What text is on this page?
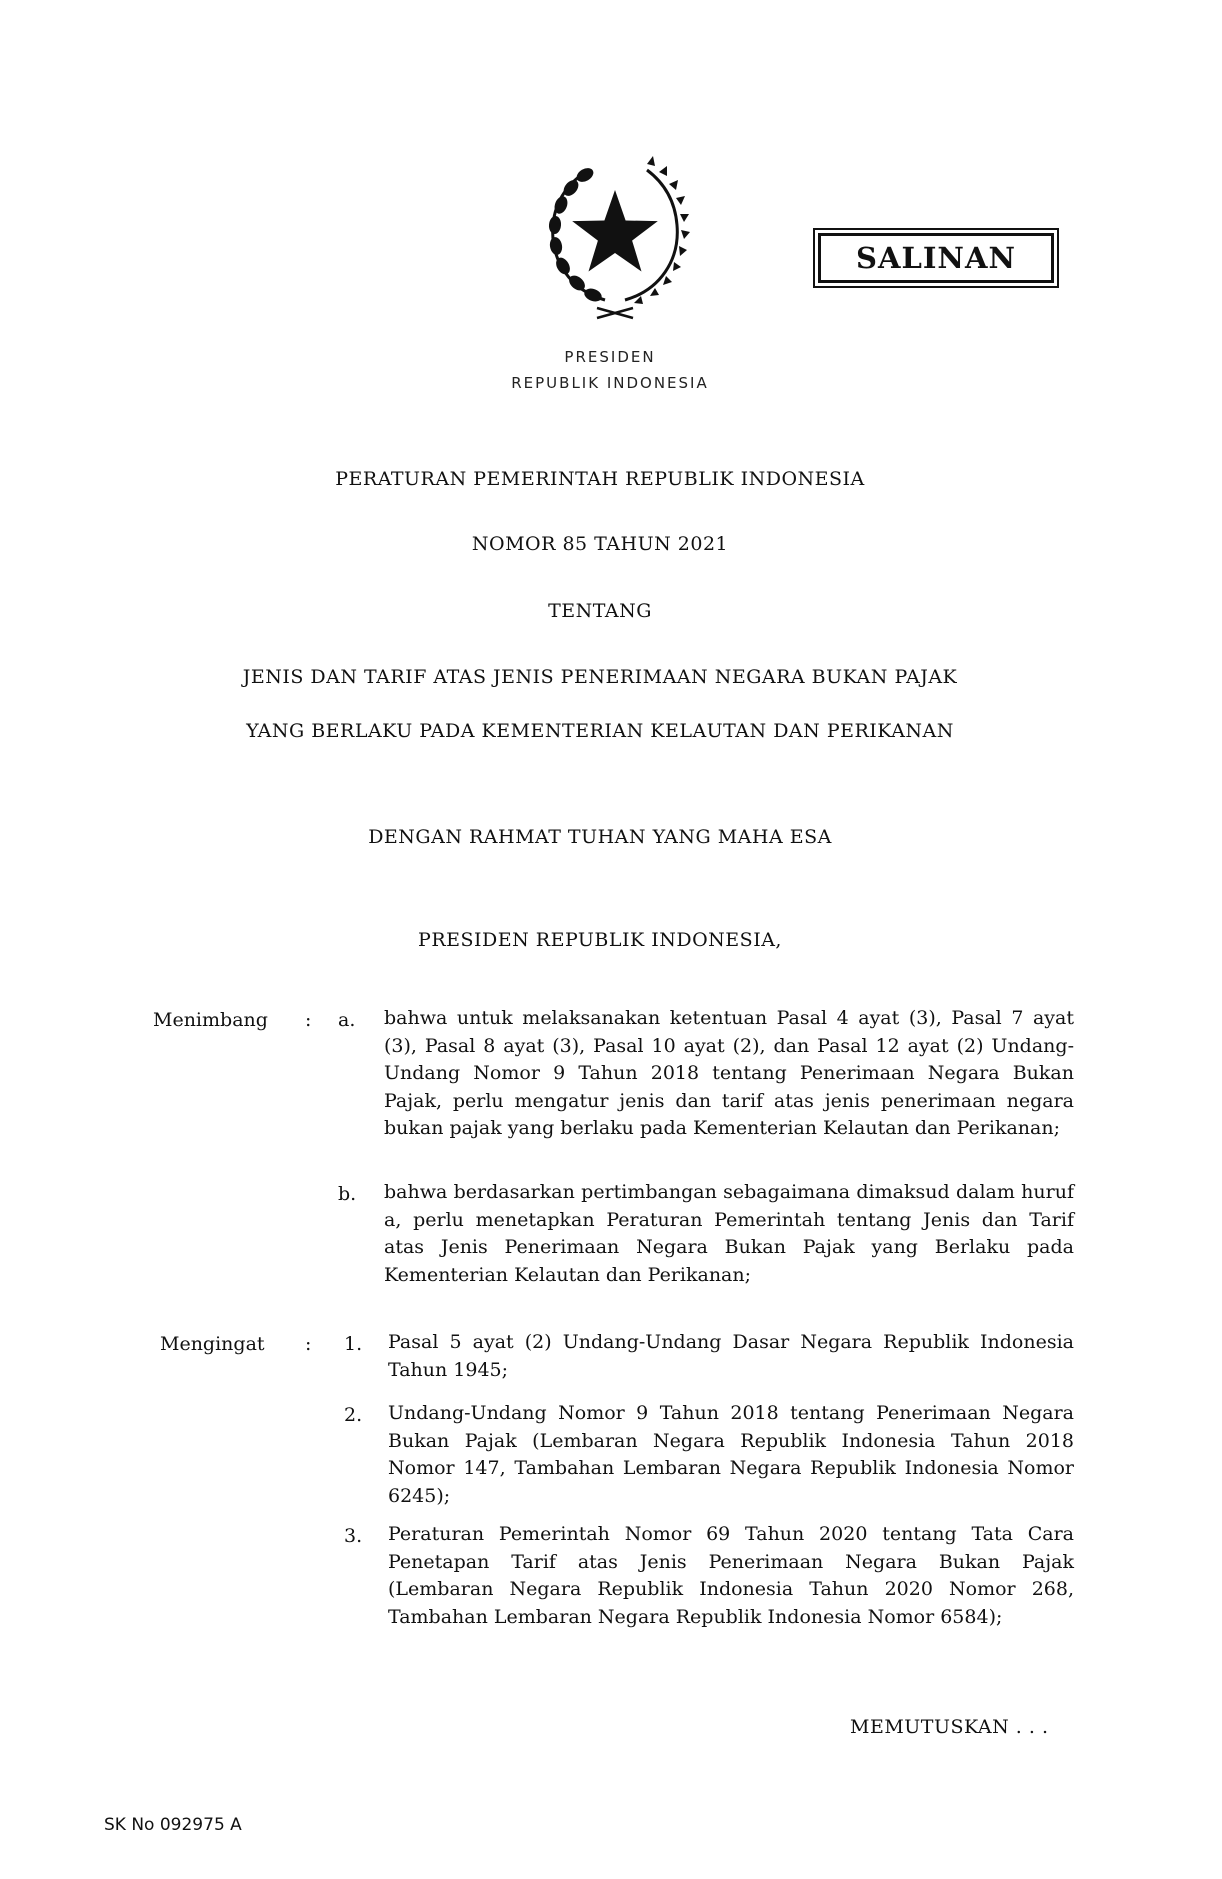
SALINAN
PRESIDEN
REPUBLIK INDONESIA
PERATURAN PEMERINTAH REPUBLIK INDONESIA
NOMOR 85 TAHUN 2021
TENTANG
JENIS DAN TARIF ATAS JENIS PENERIMAAN NEGARA BUKAN PAJAK
YANG BERLAKU PADA KEMENTERIAN KELAUTAN DAN PERIKANAN
DENGAN RAHMAT TUHAN YANG MAHA ESA
PRESIDEN REPUBLIK INDONESIA,
Menimbang : a. bahwa untuk melaksanakan ketentuan Pasal 4 ayat (3), Pasal 7 ayat (3), Pasal 8 ayat (3), Pasal 10 ayat (2), dan Pasal 12 ayat (2) Undang-Undang Nomor 9 Tahun 2018 tentang Penerimaan Negara Bukan Pajak, perlu mengatur jenis dan tarif atas jenis penerimaan negara bukan pajak yang berlaku pada Kementerian Kelautan dan Perikanan;
b. bahwa berdasarkan pertimbangan sebagaimana dimaksud dalam huruf a, perlu menetapkan Peraturan Pemerintah tentang Jenis dan Tarif atas Jenis Penerimaan Negara Bukan Pajak yang Berlaku pada Kementerian Kelautan dan Perikanan;
Mengingat : 1. Pasal 5 ayat (2) Undang-Undang Dasar Negara Republik Indonesia Tahun 1945;
2. Undang-Undang Nomor 9 Tahun 2018 tentang Penerimaan Negara Bukan Pajak (Lembaran Negara Republik Indonesia Tahun 2018 Nomor 147, Tambahan Lembaran Negara Republik Indonesia Nomor 6245);
3. Peraturan Pemerintah Nomor 69 Tahun 2020 tentang Tata Cara Penetapan Tarif atas Jenis Penerimaan Negara Bukan Pajak (Lembaran Negara Republik Indonesia Tahun 2020 Nomor 268, Tambahan Lembaran Negara Republik Indonesia Nomor 6584);
MEMUTUSKAN . . .
SK No 092975 A
